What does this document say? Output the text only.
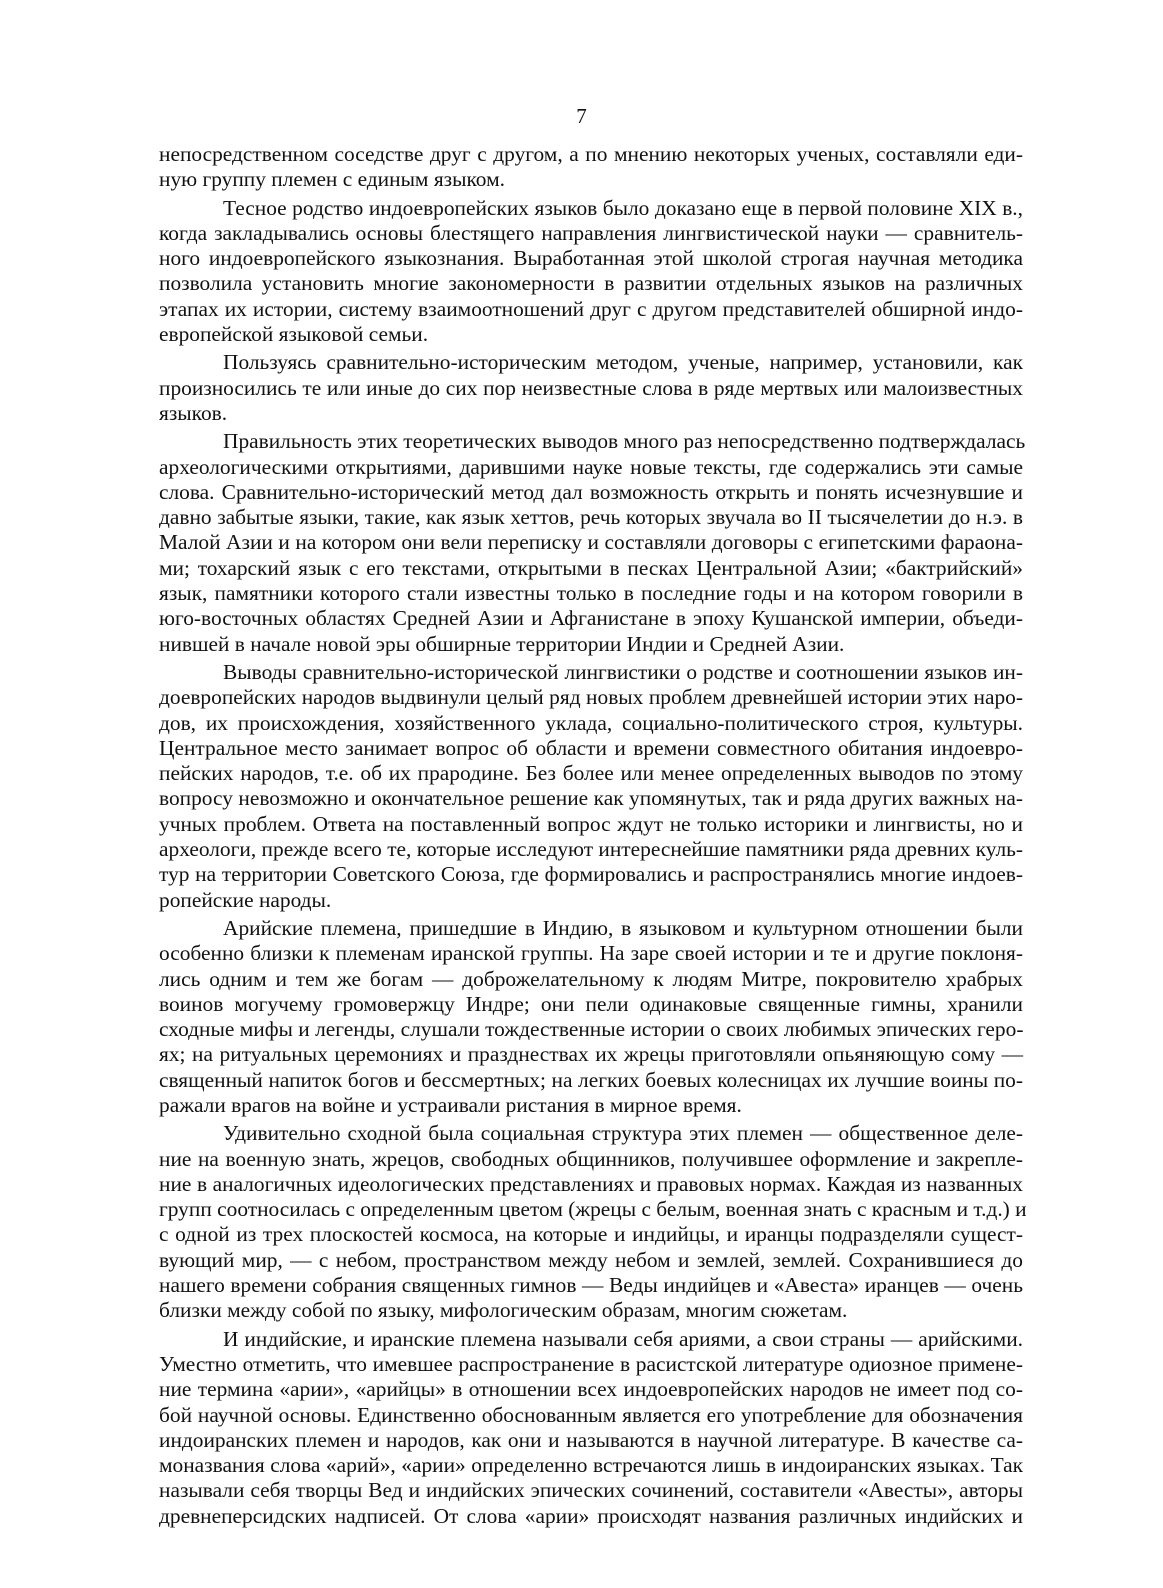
7
непосредственном соседстве друг с другом, а по мнению некоторых ученых, составляли еди-
ную группу племен с единым языком.
Тесное родство индоевропейских языков было доказано еще в первой половине XIX в.,
когда закладывались основы блестящего направления лингвистической науки — сравнитель-
ного индоевропейского языкознания. Выработанная этой школой строгая научная методика
позволила установить многие закономерности в развитии отдельных языков на различных
этапах их истории, систему взаимоотношений друг с другом представителей обширной индо-
европейской языковой семьи.
Пользуясь сравнительно-историческим методом, ученые, например, установили, как
произносились те или иные до сих пор неизвестные слова в ряде мертвых или малоизвестных
языков.
Правильность этих теоретических выводов много раз непосредственно подтверждалась
археологическими открытиями, дарившими науке новые тексты, где содержались эти самые
слова. Сравнительно-исторический метод дал возможность открыть и понять исчезнувшие и
давно забытые языки, такие, как язык хеттов, речь которых звучала во II тысячелетии до н.э. в
Малой Азии и на котором они вели переписку и составляли договоры с египетскими фараона-
ми; тохарский язык с его текстами, открытыми в песках Центральной Азии; «бактрийский»
язык, памятники которого стали известны только в последние годы и на котором говорили в
юго-восточных областях Средней Азии и Афганистане в эпоху Кушанской империи, объеди-
нившей в начале новой эры обширные территории Индии и Средней Азии.
Выводы сравнительно-исторической лингвистики о родстве и соотношении языков ин-
доевропейских народов выдвинули целый ряд новых проблем древнейшей истории этих наро-
дов, их происхождения, хозяйственного уклада, социально-политического строя, культуры.
Центральное место занимает вопрос об области и времени совместного обитания индоевро-
пейских народов, т.е. об их прародине. Без более или менее определенных выводов по этому
вопросу невозможно и окончательное решение как упомянутых, так и ряда других важных на-
учных проблем. Ответа на поставленный вопрос ждут не только историки и лингвисты, но и
археологи, прежде всего те, которые исследуют интереснейшие памятники ряда древних куль-
тур на территории Советского Союза, где формировались и распространялись многие индоев-
ропейские народы.
Арийские племена, пришедшие в Индию, в языковом и культурном отношении были
особенно близки к племенам иранской группы. На заре своей истории и те и другие поклоня-
лись одним и тем же богам — доброжелательному к людям Митре, покровителю храбрых
воинов могучему громовержцу Индре; они пели одинаковые священные гимны, хранили
сходные мифы и легенды, слушали тождественные истории о своих любимых эпических геро-
ях; на ритуальных церемониях и празднествах их жрецы приготовляли опьяняющую сому —
священный напиток богов и бессмертных; на легких боевых колесницах их лучшие воины по-
ражали врагов на войне и устраивали ристания в мирное время.
Удивительно сходной была социальная структура этих племен — общественное деле-
ние на военную знать, жрецов, свободных общинников, получившее оформление и закрепле-
ние в аналогичных идеологических представлениях и правовых нормах. Каждая из названных
групп соотносилась с определенным цветом (жрецы с белым, военная знать с красным и т.д.) и
с одной из трех плоскостей космоса, на которые и индийцы, и иранцы подразделяли сущест-
вующий мир, — с небом, пространством между небом и землей, землей. Сохранившиеся до
нашего времени собрания священных гимнов — Веды индийцев и «Авеста» иранцев — очень
близки между собой по языку, мифологическим образам, многим сюжетам.
И индийские, и иранские племена называли себя ариями, а свои страны — арийскими.
Уместно отметить, что имевшее распространение в расистской литературе одиозное примене-
ние термина «арии», «арийцы» в отношении всех индоевропейских народов не имеет под со-
бой научной основы. Единственно обоснованным является его употребление для обозначения
индоиранских племен и народов, как они и называются в научной литературе. В качестве са-
моназвания слова «арий», «арии» определенно встречаются лишь в индоиранских языках. Так
называли себя творцы Вед и индийских эпических сочинений, составители «Авесты», авторы
древнеперсидских надписей. От слова «арии» происходят названия различных индийских и
